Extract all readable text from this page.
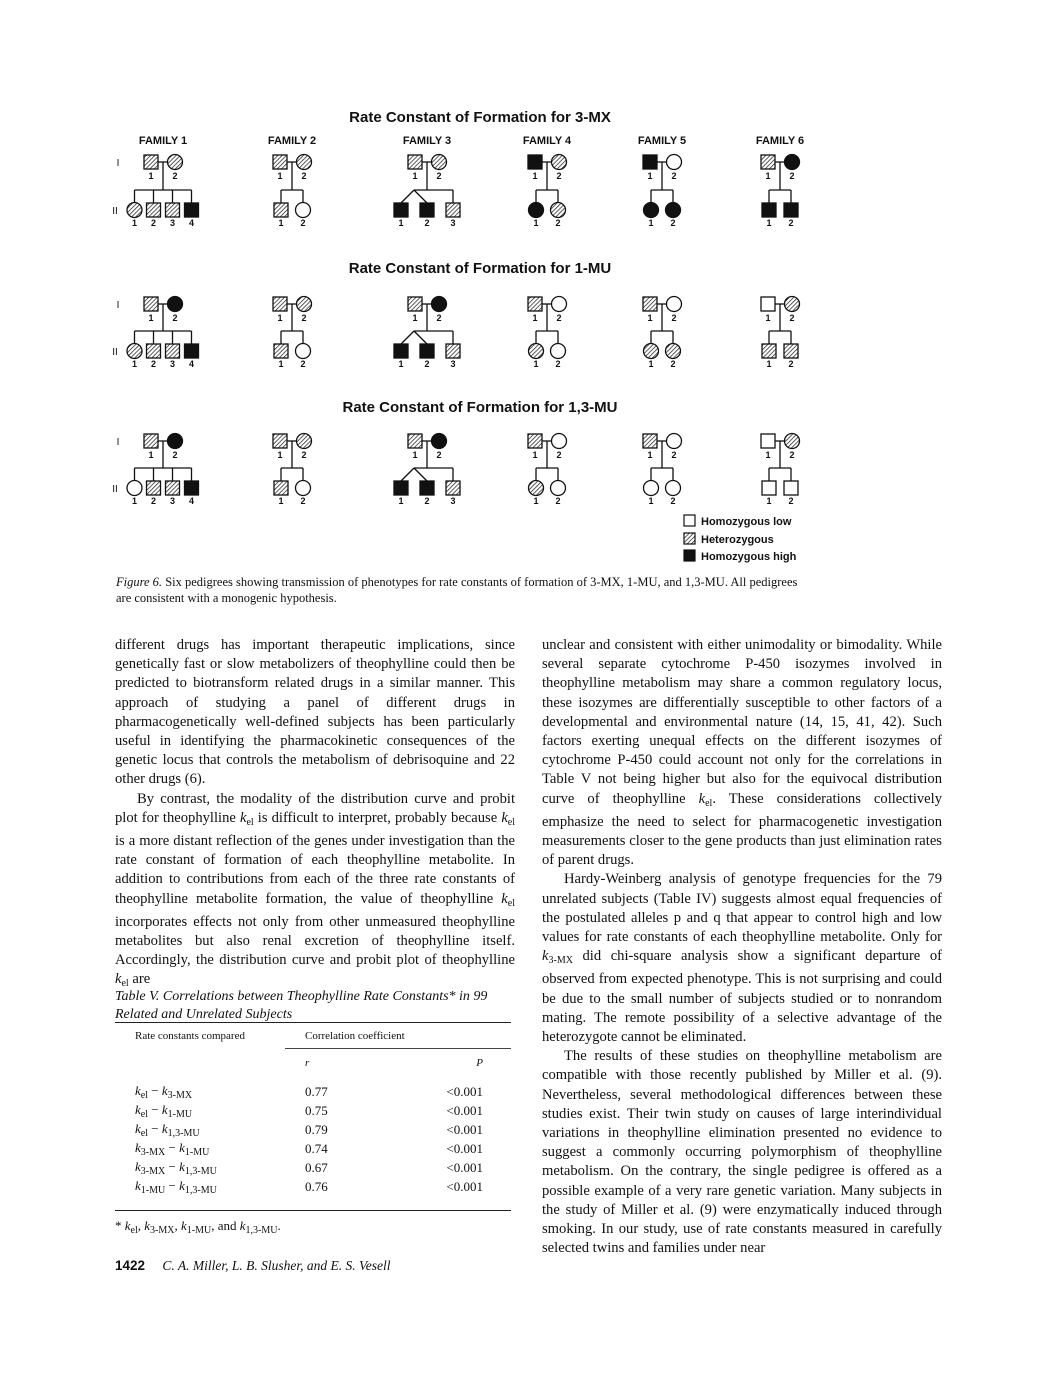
FAMILY 1	FAMILY 2	FAMILY 3	FAMILY 4	FAMILY 5	FAMILY 6
Rate Constant of Formation for 3-MX
I
II
1 2
1 2 3 4
1 2
1 2
1 2
1 2 3
1 2
1 2
1 2
1 2
1 2
1 2
Rate Constant of Formation for 1-MU
I
II
1 2
1 2 3 4
1 2
1 2
1 2
1 2 3
1 2
1 2
1 2
1 2
1 2
1 2
Rate Constant of Formation for 1,3-MU
I
II
1 2
1 2 3 4
1 2
1 2
1 2
1 2 3
1 2
1 2
1 2
1 2
1 2
1 2
Homozygous low
Heterozygous
Homozygous high
Figure 6. Six pedigrees showing transmission of phenotypes for rate constants of formation of 3-MX, 1-MU, and 1,3-MU. All pedigrees are consistent with a monogenic hypothesis.

different drugs has important therapeutic implications, since genetically fast or slow metabolizers of theophylline could then be predicted to biotransform related drugs in a similar manner. This approach of studying a panel of different drugs in pharmacogenetically well-defined subjects has been particularly useful in identifying the pharmacokinetic consequences of the genetic locus that controls the metabolism of debrisoquine and 22 other drugs (6).

By contrast, the modality of the distribution curve and probit plot for theophylline $k_{el}$ is difficult to interpret, probably because $k_{el}$ is a more distant reflection of the genes under investigation than the rate constant of formation of each theophylline metabolite. In addition to contributions from each of the three rate constants of theophylline metabolite formation, the value of theophylline $k_{el}$ incorporates effects not only from other unmeasured theophylline metabolites but also renal excretion of theophylline itself. Accordingly, the distribution curve and probit plot of theophylline $k_{el}$ are

Table V. Correlations between Theophylline Rate Constants* in 99 Related and Unrelated Subjects
Rate constants compared	Correlation coefficient	
	r	P
$k_{el} - k_{3-MX}$	0.77	<0.001
$k_{el} - k_{1-MU}$	0.75	<0.001
$k_{el} - k_{1,3-MU}$	0.79	<0.001
$k_{3-MX} - k_{1-MU}$	0.74	<0.001
$k_{3-MX} - k_{1,3-MU}$	0.67	<0.001
$k_{1-MU} - k_{1,3-MU}$	0.76	<0.001
* $k_{el}$, $k_{3-MX}$, $k_{1-MU}$, and $k_{1,3-MU}$.

unclear and consistent with either unimodality or bimodality. While several separate cytochrome P-450 isozymes involved in theophylline metabolism may share a common regulatory locus, these isozymes are differentially susceptible to other factors of a developmental and environmental nature (14, 15, 41, 42). Such factors exerting unequal effects on the different isozymes of cytochrome P-450 could account not only for the correlations in Table V not being higher but also for the equivocal distribution curve of theophylline $k_{el}$. These considerations collectively emphasize the need to select for pharmacogenetic investigation measurements closer to the gene products than just elimination rates of parent drugs.

Hardy-Weinberg analysis of genotype frequencies for the 79 unrelated subjects (Table IV) suggests almost equal frequencies of the postulated alleles p and q that appear to control high and low values for rate constants of each theophylline metabolite. Only for $k_{3-MX}$ did chi-square analysis show a significant departure of observed from expected phenotype. This is not surprising and could be due to the small number of subjects studied or to nonrandom mating. The remote possibility of a selective advantage of the heterozygote cannot be eliminated.

The results of these studies on theophylline metabolism are compatible with those recently published by Miller et al. (9). Nevertheless, several methodological differences between these studies exist. Their twin study on causes of large interindividual variations in theophylline elimination presented no evidence to suggest a commonly occurring polymorphism of theophylline metabolism. On the contrary, the single pedigree is offered as a possible example of a very rare genetic variation. Many subjects in the study of Miller et al. (9) were enzymatically induced through smoking. In our study, use of rate constants measured in carefully selected twins and families under near

1422 C. A. Miller, L. B. Slusher, and E. S. Vesell
